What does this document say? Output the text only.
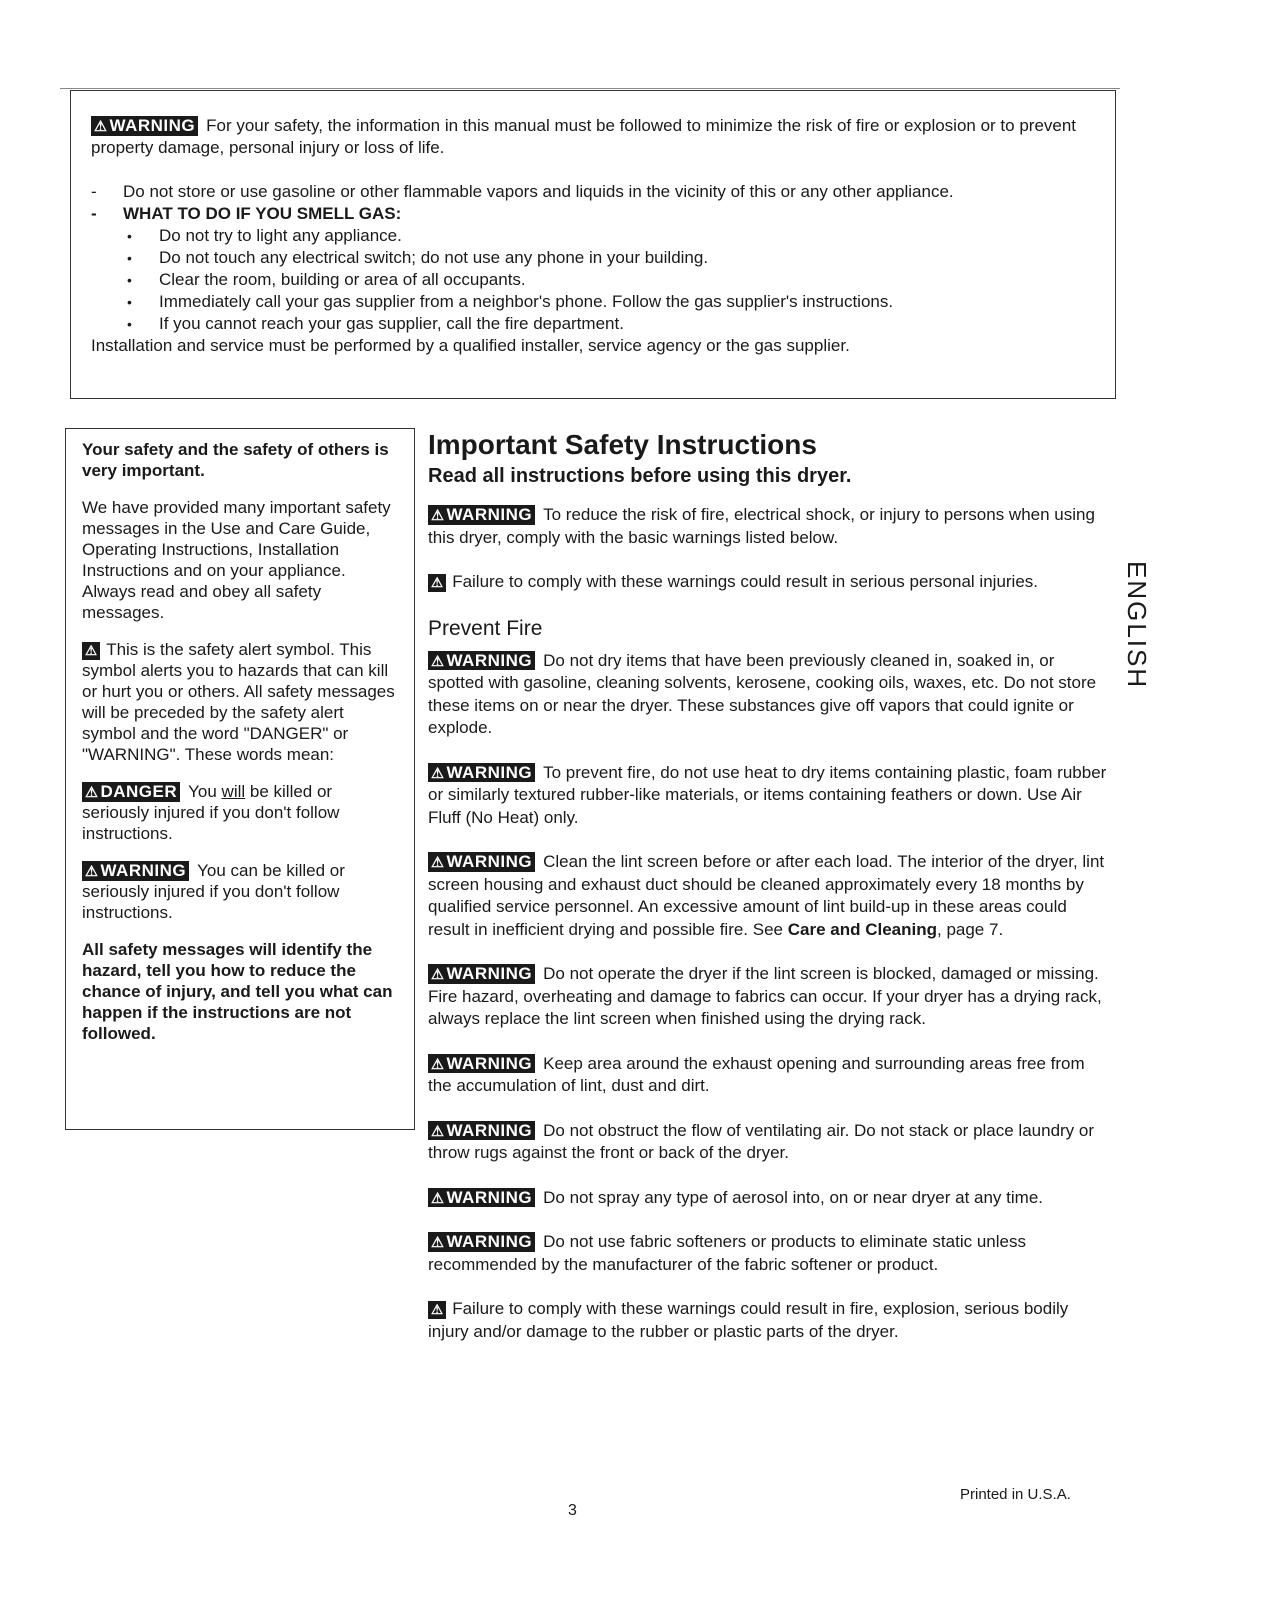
⚠ WARNING For your safety, the information in this manual must be followed to minimize the risk of fire or explosion or to prevent property damage, personal injury or loss of life.

- Do not store or use gasoline or other flammable vapors and liquids in the vicinity of this or any other appliance.
- WHAT TO DO IF YOU SMELL GAS:
• Do not try to light any appliance.
• Do not touch any electrical switch; do not use any phone in your building.
• Clear the room, building or area of all occupants.
• Immediately call your gas supplier from a neighbor's phone. Follow the gas supplier's instructions.
• If you cannot reach your gas supplier, call the fire department.

Installation and service must be performed by a qualified installer, service agency or the gas supplier.

Your safety and the safety of others is very important.

We have provided many important safety messages in the Use and Care Guide, Operating Instructions, Installation Instructions and on your appliance. Always read and obey all safety messages.

⚠ This is the safety alert symbol. This symbol alerts you to hazards that can kill or hurt you or others. All safety messages will be preceded by the safety alert symbol and the word "DANGER" or "WARNING". These words mean:

⚠ DANGER You will be killed or seriously injured if you don't follow instructions.

⚠ WARNING You can be killed or seriously injured if you don't follow instructions.

All safety messages will identify the hazard, tell you how to reduce the chance of injury, and tell you what can happen if the instructions are not followed.

Important Safety Instructions
Read all instructions before using this dryer.

⚠ WARNING To reduce the risk of fire, electrical shock, or injury to persons when using this dryer, comply with the basic warnings listed below.

⚠ Failure to comply with these warnings could result in serious personal injuries.

Prevent Fire

⚠ WARNING Do not dry items that have been previously cleaned in, soaked in, or spotted with gasoline, cleaning solvents, kerosene, cooking oils, waxes, etc. Do not store these items on or near the dryer. These substances give off vapors that could ignite or explode.

⚠ WARNING To prevent fire, do not use heat to dry items containing plastic, foam rubber or similarly textured rubber-like materials, or items containing feathers or down. Use Air Fluff (No Heat) only.

⚠ WARNING Clean the lint screen before or after each load. The interior of the dryer, lint screen housing and exhaust duct should be cleaned approximately every 18 months by qualified service personnel. An excessive amount of lint build-up in these areas could result in inefficient drying and possible fire. See Care and Cleaning, page 7.

⚠ WARNING Do not operate the dryer if the lint screen is blocked, damaged or missing. Fire hazard, overheating and damage to fabrics can occur. If your dryer has a drying rack, always replace the lint screen when finished using the drying rack.

⚠ WARNING Keep area around the exhaust opening and surrounding areas free from the accumulation of lint, dust and dirt.

⚠ WARNING Do not obstruct the flow of ventilating air. Do not stack or place laundry or throw rugs against the front or back of the dryer.

⚠ WARNING Do not spray any type of aerosol into, on or near dryer at any time.

⚠ WARNING Do not use fabric softeners or products to eliminate static unless recommended by the manufacturer of the fabric softener or product.

⚠ Failure to comply with these warnings could result in fire, explosion, serious bodily injury and/or damage to the rubber or plastic parts of the dryer.

ENGLISH
Printed in U.S.A.
3
